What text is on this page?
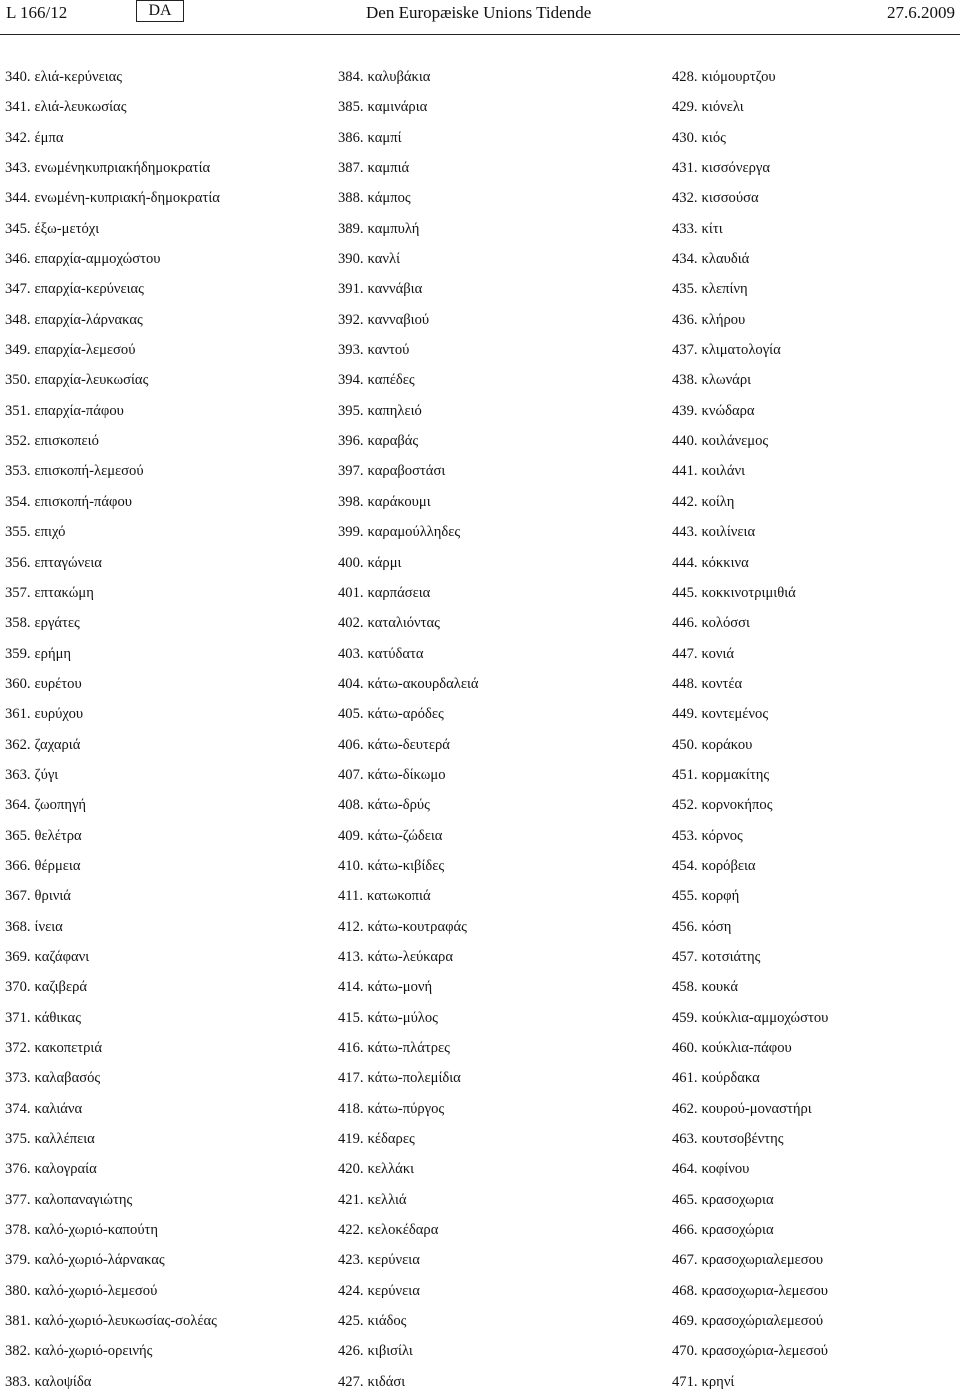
L 166/12	DA	Den Europæiske Unions Tidende	27.6.2009
340. ελιά-κερύνειας
341. ελιά-λευκωσίας
342. έμπα
343. ενωμένηκυπριακήδημοκρατία
344. ενωμένη-κυπριακή-δημοκρατία
345. έξω-μετόχι
346. επαρχία-αμμοχώστου
347. επαρχία-κερύνειας
348. επαρχία-λάρνακας
349. επαρχία-λεμεσού
350. επαρχία-λευκωσίας
351. επαρχία-πάφου
352. επισκοπειό
353. επισκοπή-λεμεσού
354. επισκοπή-πάφου
355. επιχό
356. επταγώνεια
357. επτακώμη
358. εργάτες
359. ερήμη
360. ευρέτου
361. ευρύχου
362. ζαχαριά
363. ζύγι
364. ζωοπηγή
365. θελέτρα
366. θέρμεια
367. θρινιά
368. ίνεια
369. καζάφανι
370. καζιβερά
371. κάθικας
372. κακοπετριά
373. καλαβασός
374. καλιάνα
375. καλλέπεια
376. καλογραία
377. καλοπαναγιώτης
378. καλό-χωριό-καπούτη
379. καλό-χωριό-λάρνακας
380. καλό-χωριό-λεμεσού
381. καλό-χωριό-λευκωσίας-σολέας
382. καλό-χωριό-ορεινής
383. καλοψίδα
384. καλυβάκια
385. καμινάρια
386. καμπί
387. καμπιά
388. κάμπος
389. καμπυλή
390. κανλί
391. καννάβια
392. κανναβιού
393. καντού
394. καπέδες
395. καπηλειό
396. καραβάς
397. καραβοστάσι
398. καράκουμι
399. καραμούλληδες
400. κάρμι
401. καρπάσεια
402. καταλιόντας
403. κατύδατα
404. κάτω-ακουρδαλειά
405. κάτω-αρόδες
406. κάτω-δευτερά
407. κάτω-δίκωμο
408. κάτω-δρύς
409. κάτω-ζώδεια
410. κάτω-κιβίδες
411. κατωκοπιά
412. κάτω-κουτραφάς
413. κάτω-λεύκαρα
414. κάτω-μονή
415. κάτω-μύλος
416. κάτω-πλάτρες
417. κάτω-πολεμίδια
418. κάτω-πύργος
419. κέδαρες
420. κελλάκι
421. κελλιά
422. κελοκέδαρα
423. κερύνεια
424. κερύνεια
425. κιάδος
426. κιβισίλι
427. κιδάσι
428. κιόμουρτζου
429. κιόνελι
430. κιός
431. κισσόνεργα
432. κισσούσα
433. κίτι
434. κλαυδιά
435. κλεπίνη
436. κλήρου
437. κλιματολογία
438. κλωνάρι
439. κνώδαρα
440. κοιλάνεμος
441. κοιλάνι
442. κοίλη
443. κοιλίνεια
444. κόκκινα
445. κοκκινοτριμιθιά
446. κολόσσι
447. κονιά
448. κοντέα
449. κοντεμένος
450. κοράκου
451. κορμακίτης
452. κορνοκήπος
453. κόρνος
454. κορόβεια
455. κορφή
456. κόση
457. κοτσιάτης
458. κουκά
459. κούκλια-αμμοχώστου
460. κούκλια-πάφου
461. κούρδακα
462. κουρού-μοναστήρι
463. κουτσοβέντης
464. κοφίνου
465. κρασοχωρια
466. κρασοχώρια
467. κρασοχωριαλεμεσου
468. κρασοχωρια-λεμεσου
469. κρασοχώριαλεμεσού
470. κρασοχώρια-λεμεσού
471. κρηνί
